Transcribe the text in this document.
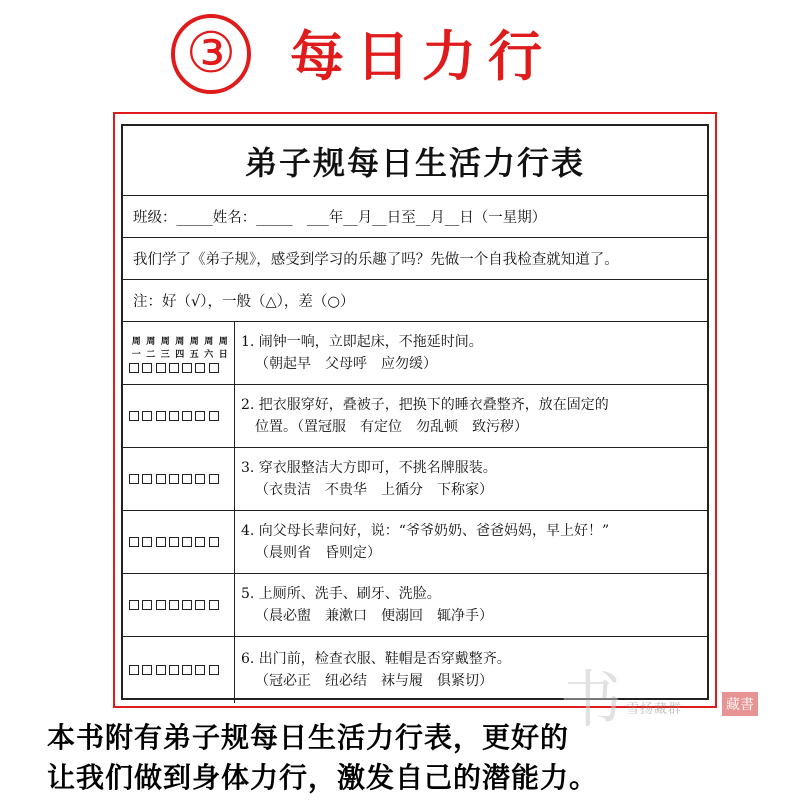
③ 每日力行
弟子规每日生活力行表
班级：_____姓名：_____　___年__月__日至__月__日（一星期）
我们学了《弟子规》，感受到学习的乐趣了吗？先做一个自我检查就知道了。
注：好（√），一般（△），差（○）
周 周 周 周 周 周 周
一 二 三 四 五 六 日
1. 闹钟一响，立即起床，不拖延时间。
（朝起早　父母呼　应勿缓）
2. 把衣服穿好，叠被子，把换下的睡衣叠整齐，放在固定的
位置。（置冠服　有定位　勿乱顿　致污秽）
3. 穿衣服整洁大方即可，不挑名牌服装。
（衣贵洁　不贵华　上循分　下称家）
4. 向父母长辈问好，说：“爷爷奶奶、爸爸妈妈，早上好！”
（晨则省　昏则定）
5. 上厕所、洗手、刷牙、洗脸。
（晨必盥　兼漱口　便溺回　辄净手）
6. 出门前，检查衣服、鞋帽是否穿戴整齐。
（冠必正　纽必结　袜与履　俱紧切）	书 雪扬藏群	藏書
本书附有弟子规每日生活力行表，更好的
让我们做到身体力行，激发自己的潜能力。
